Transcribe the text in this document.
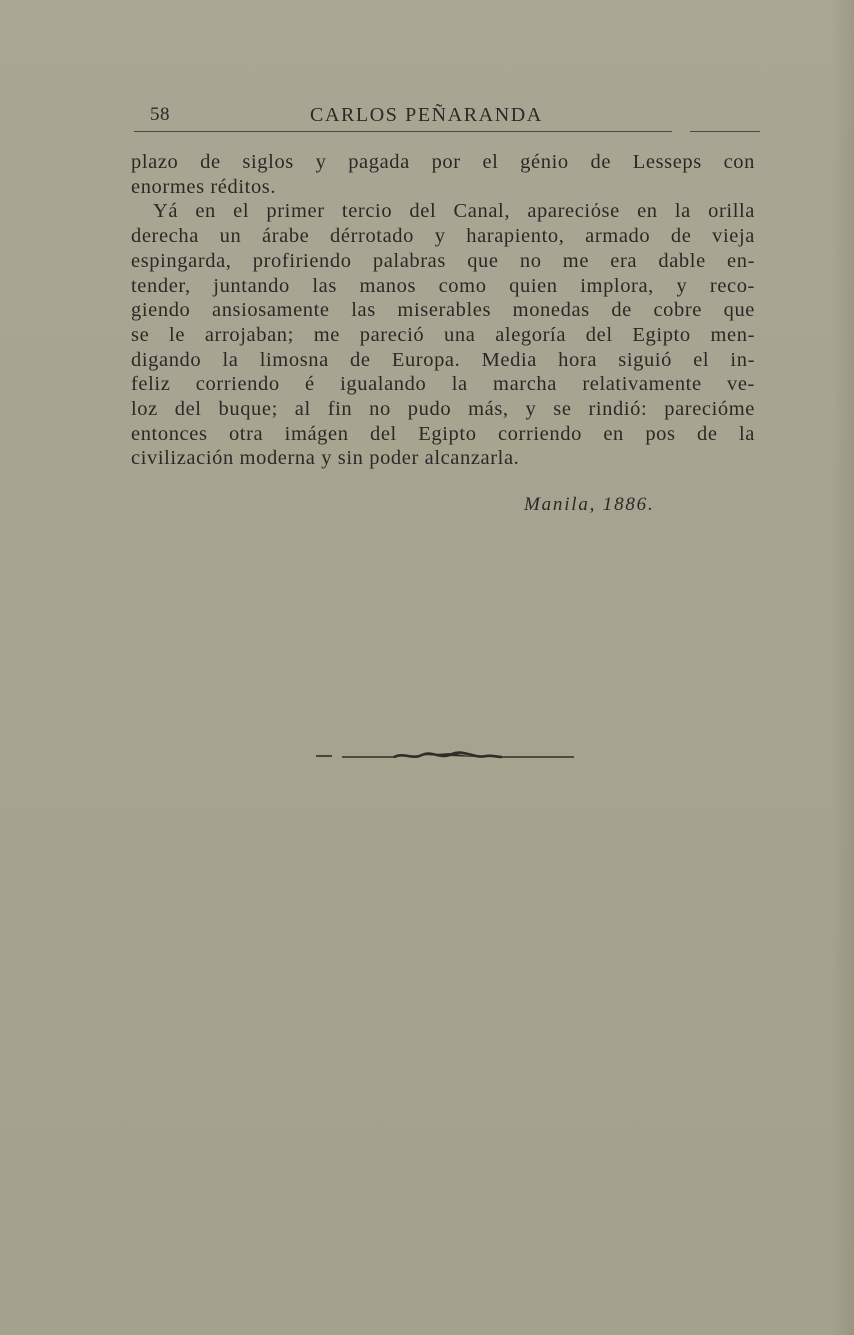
58	CARLOS PEÑARANDA
plazo de siglos y pagada por el génio de Lesseps con
enormes réditos.
Yá en el primer tercio del Canal, apareciόse en la orilla
derecha un árabe dérrotado y harapiento, armado de vieja
espingarda, profiriendo palabras que no me era dable en-
tender, juntando las manos como quien implora, y reco-
giendo ansiosamente las miserables monedas de cobre que
se le arrojaban; me pareció una alegoría del Egipto men-
digando la limosna de Europa. Media hora siguió el in-
feliz corriendo é igualando la marcha relativamente ve-
loz del buque; al fin no pudo más, y se rindió: parecióme
entonces otra imágen del Egipto corriendo en pos de la
civilización moderna y sin poder alcanzarla.
Manila, 1886.
